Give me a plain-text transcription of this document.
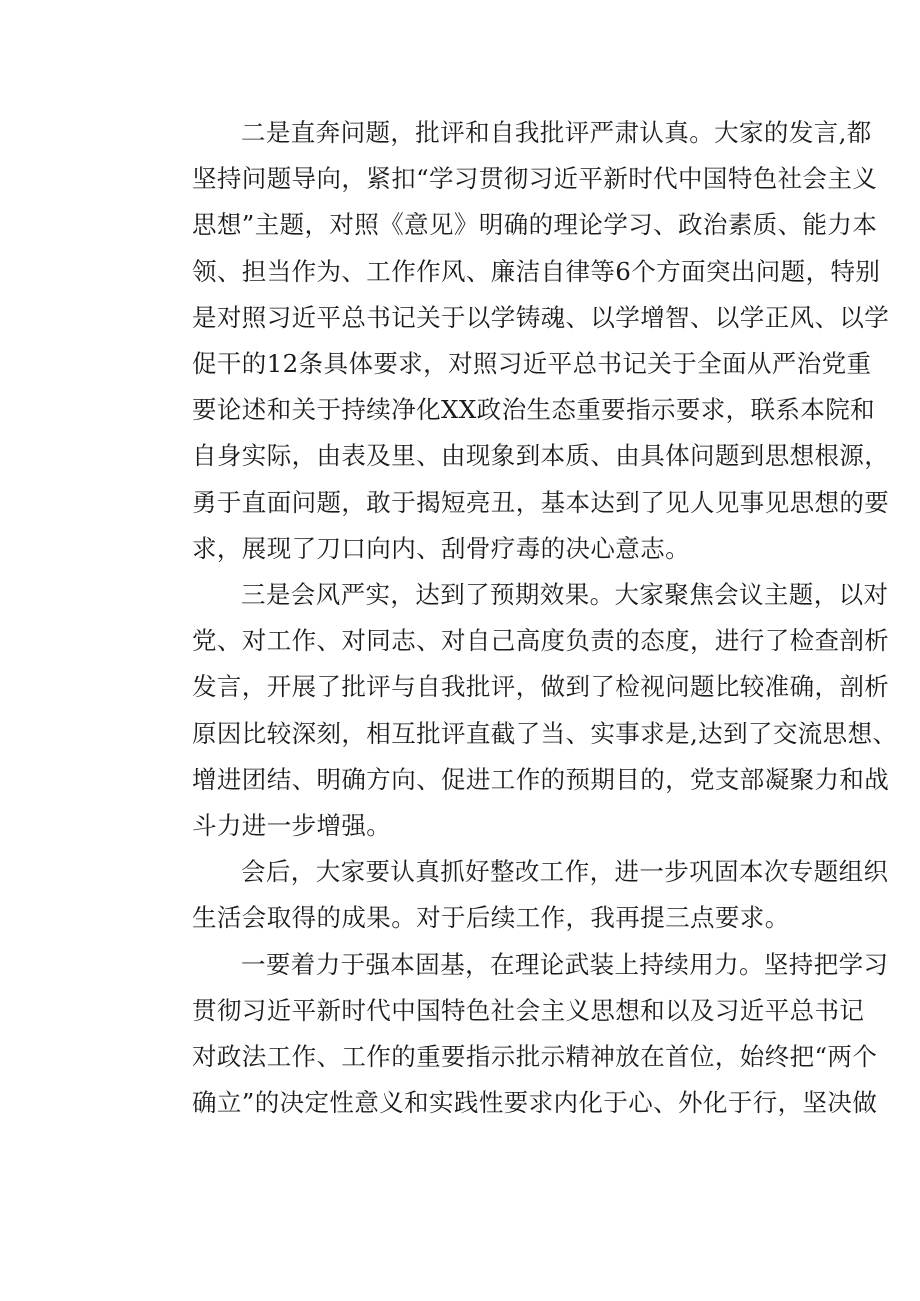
二是直奔问题，批评和自我批评严肃认真。大家的发言,都
坚持问题导向，紧扣“学习贯彻习近平新时代中国特色社会主义
思想”主题，对照《意见》明确的理论学习、政治素质、能力本
领、担当作为、工作作风、廉洁自律等6个方面突出问题，特别
是对照习近平总书记关于以学铸魂、以学增智、以学正风、以学
促干的12条具体要求，对照习近平总书记关于全面从严治党重
要论述和关于持续净化XX政治生态重要指示要求，联系本院和
自身实际，由表及里、由现象到本质、由具体问题到思想根源，
勇于直面问题，敢于揭短亮丑，基本达到了见人见事见思想的要
求，展现了刀口向内、刮骨疗毒的决心意志。
三是会风严实，达到了预期效果。大家聚焦会议主题，以对
党、对工作、对同志、对自己高度负责的态度，进行了检查剖析
发言，开展了批评与自我批评，做到了检视问题比较准确，剖析
原因比较深刻，相互批评直截了当、实事求是,达到了交流思想、
增进团结、明确方向、促进工作的预期目的，党支部凝聚力和战
斗力进一步增强。
会后，大家要认真抓好整改工作，进一步巩固本次专题组织
生活会取得的成果。对于后续工作，我再提三点要求。
一要着力于强本固基，在理论武装上持续用力。坚持把学习
贯彻习近平新时代中国特色社会主义思想和以及习近平总书记
对政法工作、工作的重要指示批示精神放在首位，始终把“两个
确立”的决定性意义和实践性要求内化于心、外化于行，坚决做
